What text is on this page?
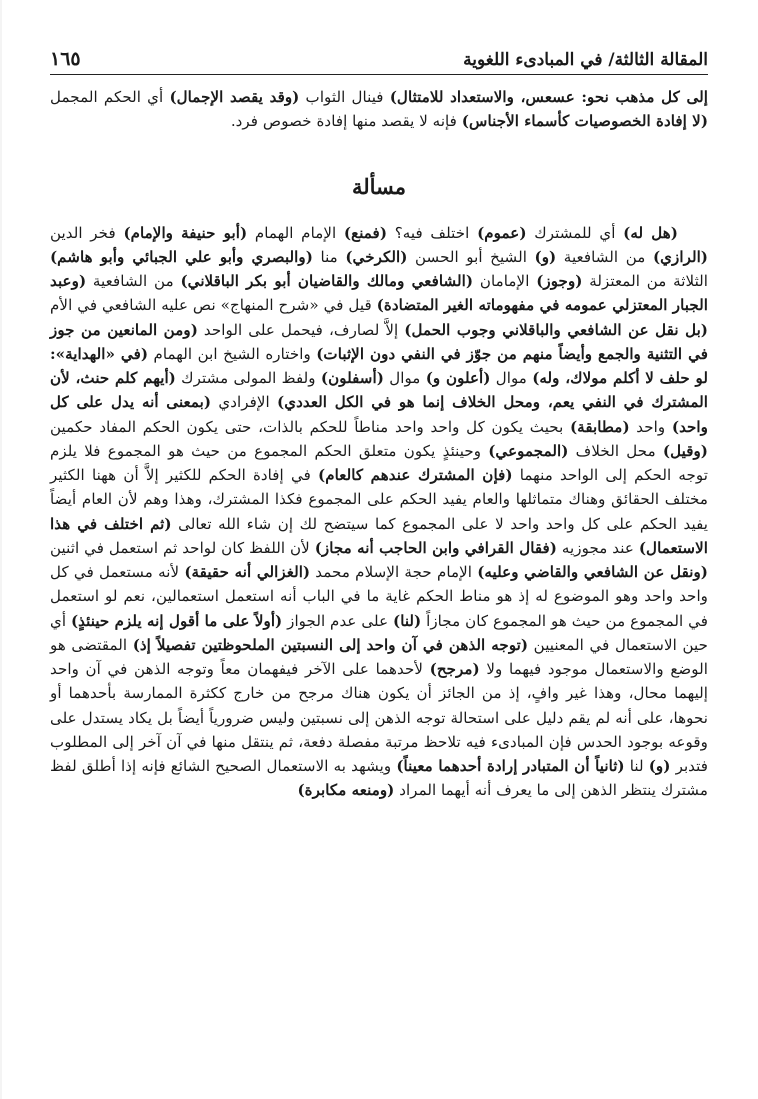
المقالة الثالثة/ في المبادىء اللغوية
١٦٥

إلى كل مذهب نحو: عسعس، والاستعداد للامتثال) فينال الثواب (وقد يقصد الإجمال) أي الحكم المجمل (لا إفادة الخصوصيات كأسماء الأجناس) فإنه لا يقصد منها إفادة خصوص فرد.

مسألة

(هل له) أي للمشترك (عموم) اختلف فيه؟ (فمنع) الإمام الهمام (أبو حنيفة والإمام) فخر الدين (الرازي) من الشافعية (و) الشيخ أبو الحسن (الكرخي) منا (والبصري وأبو علي الجبائي وأبو هاشم) الثلاثة من المعتزلة (وجوز) الإمامان (الشافعي ومالك والقاضيان أبو بكر الباقلاني) من الشافعية (وعبد الجبار المعتزلي عمومه في مفهوماته الغير المتضادة) قيل في «شرح المنهاج» نص عليه الشافعي في الأم (بل نقل عن الشافعي والباقلاني وجوب الحمل) إلاَّ لصارف، فيحمل على الواحد (ومن المانعين من جوز في التثنية والجمع وأيضاً منهم من جوّز في النفي دون الإثبات) واختاره الشيخ ابن الهمام (في «الهداية»: لو حلف لا أكلم مولاك، وله) موال (أعلون و) موال (أسفلون) ولفظ المولى مشترك (أيهم كلم حنث، لأن المشترك في النفي يعم، ومحل الخلاف إنما هو في الكل العددي) الإفرادي (بمعنى أنه يدل على كل واحد) واحد (مطابقة) بحيث يكون كل واحد واحد مناطاً للحكم بالذات، حتى يكون الحكم المفاد حكمين (وقيل) محل الخلاف (المجموعي) وحينئذٍ يكون متعلق الحكم المجموع من حيث هو المجموع فلا يلزم توجه الحكم إلى الواحد منهما (فإن المشترك عندهم كالعام) في إفادة الحكم للكثير إلاَّ أن ههنا الكثير مختلف الحقائق وهناك متماثلها والعام يفيد الحكم على المجموع فكذا المشترك، وهذا وهم لأن العام أيضاً يفيد الحكم على كل واحد واحد لا على المجموع كما سيتضح لك إن شاء الله تعالى (ثم اختلف في هذا الاستعمال) عند مجوزيه (فقال القرافي وابن الحاجب أنه مجاز) لأن اللفظ كان لواحد ثم استعمل في اثنين (ونقل عن الشافعي والقاضي وعليه) الإمام حجة الإسلام محمد (الغزالي أنه حقيقة) لأنه مستعمل في كل واحد واحد وهو الموضوع له إذ هو مناط الحكم غاية ما في الباب أنه استعمل استعمالين، نعم لو استعمل في المجموع من حيث هو المجموع كان مجازاً (لنا) على عدم الجواز (أولاً على ما أقول إنه يلزم حينئذٍ) أي حين الاستعمال في المعنيين (توجه الذهن في آن واحد إلى النسبتين الملحوظتين تفصيلاً إذ) المقتضى هو الوضع والاستعمال موجود فيهما ولا (مرجح) لأحدهما على الآخر فيفهمان معاً وتوجه الذهن في آن واحد إليهما محال، وهذا غير وافٍ، إذ من الجائز أن يكون هناك مرجح من خارج ككثرة الممارسة بأحدهما أو نحوها، على أنه لم يقم دليل على استحالة توجه الذهن إلى نسبتين وليس ضرورياً أيضاً بل يكاد يستدل على وقوعه بوجود الحدس فإن المبادىء فيه تلاحظ مرتبة مفصلة دفعة، ثم ينتقل منها في آن آخر إلى المطلوب فتدبر (و) لنا (ثانياً أن المتبادر إرادة أحدهما معيناً) ويشهد به الاستعمال الصحيح الشائع فإنه إذا أطلق لفظ مشترك ينتظر الذهن إلى ما يعرف أنه أيهما المراد (ومنعه مكابرة)
